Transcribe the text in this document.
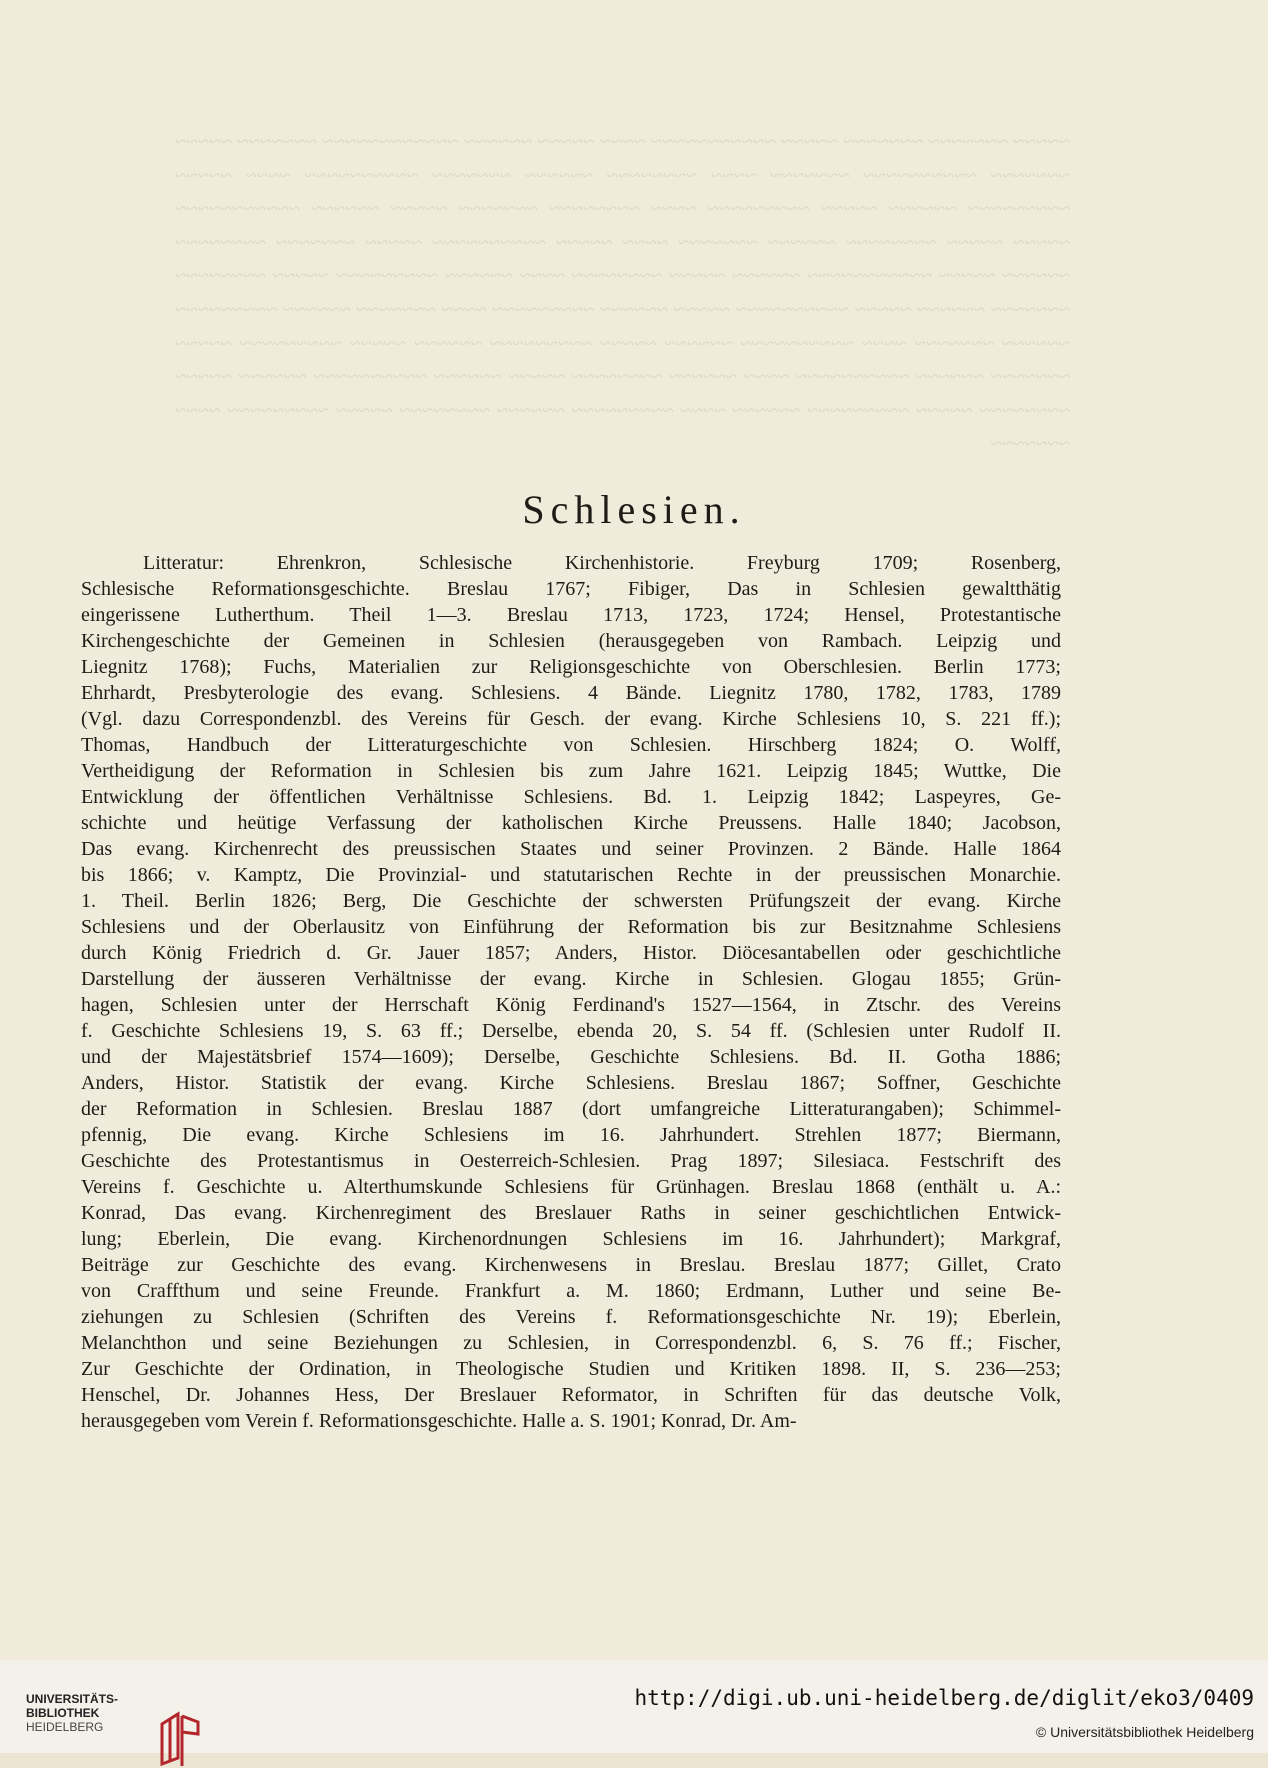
~~~~~ ~~~~~~~ ~~~~~~~ ~~~~~ ~~~~~~~~~~~ ~~~~ ~~~~~ ~~~~~~ ~~~~~~~~~~~~ ~~~~~~~ ~~~~~ ~~~~~~~ ~~~~~~~~~~ ~~~~~~~ ~~~~ ~~~~~~~~ ~~~~~~ ~~~~~~~ ~~~~~~~~~~ ~~~~ ~~~~~ ~~~~~~~~~ ~~~~~~ ~~~~~ ~~~~~~~~~ ~~~~ ~~~~~~~~ ~~~~~~~ ~~~~~ ~~~~~~ ~~~~~~~~~~~ ~~~~~ ~~~~~ ~~~~~~~~ ~~~~~~ ~~~~~~~ ~~~~ ~~~~~ ~~~~~~~~~~ ~~~~~ ~~~~~~~ ~~~~~~~~ ~~~~~~ ~~~~~ ~~~~~~~~~~~ ~~~~~~ ~~~~~ ~~~~~~~~ ~~~~ ~~~~~~ ~~~~~~~~~ ~~~~~ ~~~~~~~~ ~~~~~~~ ~~~~~~ ~~~~~ ~~~~~~~~~~ ~~~~~ ~~~~~~ ~~~~~~~~~ ~~~~ ~~~~~~~ ~~~~~~ ~~~~~~~~~ ~~~~~~ ~~~~~~~ ~~~~ ~~~~~~~~~~ ~~~~~~ ~~~~~ ~~~~~~~~~ ~~~~~~ ~~~~~ ~~~~~~~~~ ~~~~~ ~~~~~~~ ~~~~~~ ~~~~~~~~~~ ~~~~ ~~~~~~ ~~~~~~~~ ~~~~~ ~~~~~~ ~~~~~~~~~~ ~~~~~~ ~~~~~ ~~~~~~~~ ~~~~~ ~~~~~~~~~ ~~~~~~ ~~~~ ~~~~~~~~~ ~~~~~~ ~~~~~~~~ ~~~~~ ~~~~~~~~~ ~~~~ ~~~~~~~
Schlesien.
Litteratur: Ehrenkron, Schlesische Kirchenhistorie. Freyburg 1709; Rosenberg,
Schlesische Reformationsgeschichte. Breslau 1767; Fibiger, Das in Schlesien gewaltthätig
eingerissene Lutherthum. Theil 1—3. Breslau 1713, 1723, 1724; Hensel, Protestantische
Kirchengeschichte der Gemeinen in Schlesien (herausgegeben von Rambach. Leipzig und
Liegnitz 1768); Fuchs, Materialien zur Religionsgeschichte von Oberschlesien. Berlin 1773;
Ehrhardt, Presbyterologie des evang. Schlesiens. 4 Bände. Liegnitz 1780, 1782, 1783, 1789
(Vgl. dazu Correspondenzbl. des Vereins für Gesch. der evang. Kirche Schlesiens 10, S. 221 ff.);
Thomas, Handbuch der Litteraturgeschichte von Schlesien. Hirschberg 1824; O. Wolff,
Vertheidigung der Reformation in Schlesien bis zum Jahre 1621. Leipzig 1845; Wuttke, Die
Entwicklung der öffentlichen Verhältnisse Schlesiens. Bd. 1. Leipzig 1842; Laspeyres, Ge-
schichte und heütige Verfassung der katholischen Kirche Preussens. Halle 1840; Jacobson,
Das evang. Kirchenrecht des preussischen Staates und seiner Provinzen. 2 Bände. Halle 1864
bis 1866; v. Kamptz, Die Provinzial- und statutarischen Rechte in der preussischen Monarchie.
1. Theil. Berlin 1826; Berg, Die Geschichte der schwersten Prüfungszeit der evang. Kirche
Schlesiens und der Oberlausitz von Einführung der Reformation bis zur Besitznahme Schlesiens
durch König Friedrich d. Gr. Jauer 1857; Anders, Histor. Diöcesantabellen oder geschichtliche
Darstellung der äusseren Verhältnisse der evang. Kirche in Schlesien. Glogau 1855; Grün-
hagen, Schlesien unter der Herrschaft König Ferdinand's 1527—1564, in Ztschr. des Vereins
f. Geschichte Schlesiens 19, S. 63 ff.; Derselbe, ebenda 20, S. 54 ff. (Schlesien unter Rudolf II.
und der Majestätsbrief 1574—1609); Derselbe, Geschichte Schlesiens. Bd. II. Gotha 1886;
Anders, Histor. Statistik der evang. Kirche Schlesiens. Breslau 1867; Soffner, Geschichte
der Reformation in Schlesien. Breslau 1887 (dort umfangreiche Litteraturangaben); Schimmel-
pfennig, Die evang. Kirche Schlesiens im 16. Jahrhundert. Strehlen 1877; Biermann,
Geschichte des Protestantismus in Oesterreich-Schlesien. Prag 1897; Silesiaca. Festschrift des
Vereins f. Geschichte u. Alterthumskunde Schlesiens für Grünhagen. Breslau 1868 (enthält u. A.:
Konrad, Das evang. Kirchenregiment des Breslauer Raths in seiner geschichtlichen Entwick-
lung; Eberlein, Die evang. Kirchenordnungen Schlesiens im 16. Jahrhundert); Markgraf,
Beiträge zur Geschichte des evang. Kirchenwesens in Breslau. Breslau 1877; Gillet, Crato
von Craffthum und seine Freunde. Frankfurt a. M. 1860; Erdmann, Luther und seine Be-
ziehungen zu Schlesien (Schriften des Vereins f. Reformationsgeschichte Nr. 19); Eberlein,
Melanchthon und seine Beziehungen zu Schlesien, in Correspondenzbl. 6, S. 76 ff.; Fischer,
Zur Geschichte der Ordination, in Theologische Studien und Kritiken 1898. II, S. 236—253;
Henschel, Dr. Johannes Hess, Der Breslauer Reformator, in Schriften für das deutsche Volk,
herausgegeben vom Verein f. Reformationsgeschichte. Halle a. S. 1901; Konrad, Dr. Am-
UNIVERSITÄTS-
BIBLIOTHEK
HEIDELBERG
http://digi.ub.uni-heidelberg.de/diglit/eko3/0409
© Universitätsbibliothek Heidelberg
